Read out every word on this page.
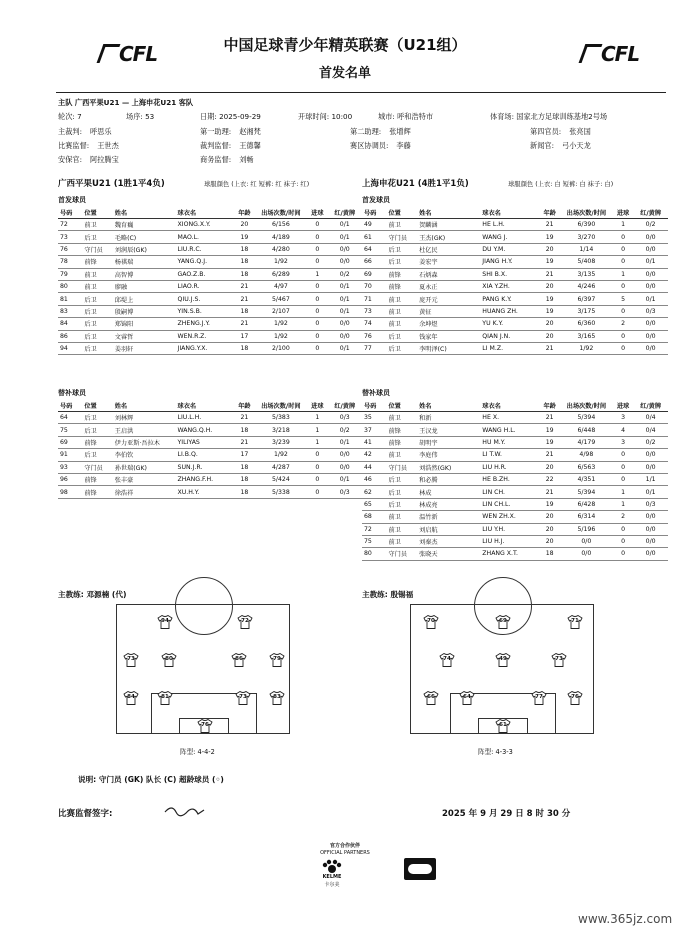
CFL	CFL
中国足球青少年精英联赛（U21组）
首发名单
主队 广西平果U21 — 上海申花U21 客队
轮次: 7	场序: 53	日期: 2025-09-29	开球时间: 10:00	城市: 呼和浩特市	体育场: 国家北方足球训练基地2号场
主裁判: 呼思乐	第一助理: 赵湘梵	第二助理: 张增辉	第四官员: 张亮国
比赛监督: 王世杰	裁判监督: 王德馨	赛区协调员: 李藤	新闻官: 弓小天龙
安保官: 阿拉腾宝	商务监督: 刘畅
广西平果U21 (1胜1平4负)	球服颜色 (上衣: 红 短裤: 红 袜子: 红)	上海申花U21 (4胜1平1负)	球服颜色 (上衣: 白 短裤: 白 袜子: 白)
首发球员	首发球员
号码	位置	姓名	球衣名	年龄	出场次数/时间	进球	红/黄牌
72	前卫	魏育巍	XIONG.X.Y.	20	6/156	0	0/1
73	后卫	毛略(C)	MAO.L.	19	4/189	0	0/1
76	守门员	刘润辰(GK)	LIU.R.C.	18	4/280	0	0/0
78	前锋	杨祺瑞	YANG.Q.J.	18	1/92	0	0/0
79	前卫	高智博	GAO.Z.B.	18	6/289	1	0/2
80	前卫	廖融	LIAO.R.	21	4/97	0	0/1
81	后卫	邱堤上	QIU.J.S.	21	5/467	0	0/1
83	后卫	殷嗣博	YIN.S.B.	18	2/107	0	0/1
84	后卫	郑锦阳	ZHENG.J.Y.	21	1/92	0	0/0
86	后卫	文睿哲	WEN.R.Z.	17	1/92	0	0/0
94	后卫	姜羽轩	JIANG.Y.X.	18	2/100	0	0/1
号码	位置	姓名	球衣名	年龄	出场次数/时间	进球	红/黄牌
49	前卫	贺麟涵	HE L.H.	21	6/390	1	0/2
61	守门员	王杰(GK)	WANG J.	19	3/270	0	0/0
64	后卫	杜亿民	DU Y.M.	20	1/14	0	0/0
66	后卫	姜宏宇	JIANG H.Y.	19	5/408	0	0/1
69	前锋	石炳森	SHI B.X.	21	3/135	1	0/0
70	前锋	夏永正	XIA Y.ZH.	20	4/246	0	0/0
71	前卫	庞开元	PANG K.Y.	19	6/397	5	0/1
73	前卫	黄征	HUANG ZH.	19	3/175	0	0/3
74	前卫	余坤煜	YU K.Y.	20	6/360	2	0/0
76	后卫	钱家年	QIAN J.N.	20	3/165	0	0/0
77	后卫	李明泽(C)	LI M.Z.	21	1/92	0	0/0
替补球员	替补球员
号码	位置	姓名	球衣名	年龄	出场次数/时间	进球	红/黄牌
64	后卫	刘林辉	LIU.L.H.	21	5/383	1	0/3
75	后卫	王启洪	WANG.Q.H.	18	3/218	1	0/2
69	前锋	伊力亚斯·吾拉木	YILIYAS	21	3/239	1	0/1
91	后卫	李伯钦	LI.B.Q.	17	1/92	0	0/0
93	守门员	孙世瑞(GK)	SUN.J.R.	18	4/287	0	0/0
96	前锋	张丰豪	ZHANG.F.H.	18	5/424	0	0/1
98	前锋	徐浩祥	XU.H.Y.	18	5/338	0	0/3
号码	位置	姓名	球衣名	年龄	出场次数/时间	进球	红/黄牌
35	前卫	和新	HE X.	21	5/394	3	0/4
37	前锋	王汉龙	WANG H.L.	19	6/448	4	0/4
41	前锋	胡明宇	HU M.Y.	19	4/179	3	0/2
42	前卫	李庭伟	LI T.W.	21	4/98	0	0/0
44	守门员	刘浩然(GK)	LIU H.R.	20	6/563	0	0/0
46	后卫	和必腾	HE B.ZH.	22	4/351	0	1/1
62	后卫	林成	LIN CH.	21	5/394	1	0/1
65	后卫	林成亮	LIN CH.L.	19	6/428	1	0/3
68	前卫	温竹新	WEN ZH.X.	20	6/314	2	0/0
72	前卫	刘启航	LIU Y.H.	20	5/196	0	0/0
75	前卫	刘秦杰	LIU H.J.	20	0/0	0	0/0
80	守门员	张晓天	ZHANG X.T.	18	0/0	0	0/0
主教练: 邓源楠 (代)	主教练: 殷锡福
94	72
73	80	86	79
84	81	73	83
76
阵型: 4-4-2
70	69	71
74	49	73
66	64	77	76
61
阵型: 4-3-3
说明: 守门员 (GK) 队长 (C) 超龄球员 (◦)
比赛监督签字:	2025 年 9 月 29 日 8 时 30 分
官方合作伙伴
OFFICIAL PARTNERS
KELME
卡尔美
www.365jz.com
